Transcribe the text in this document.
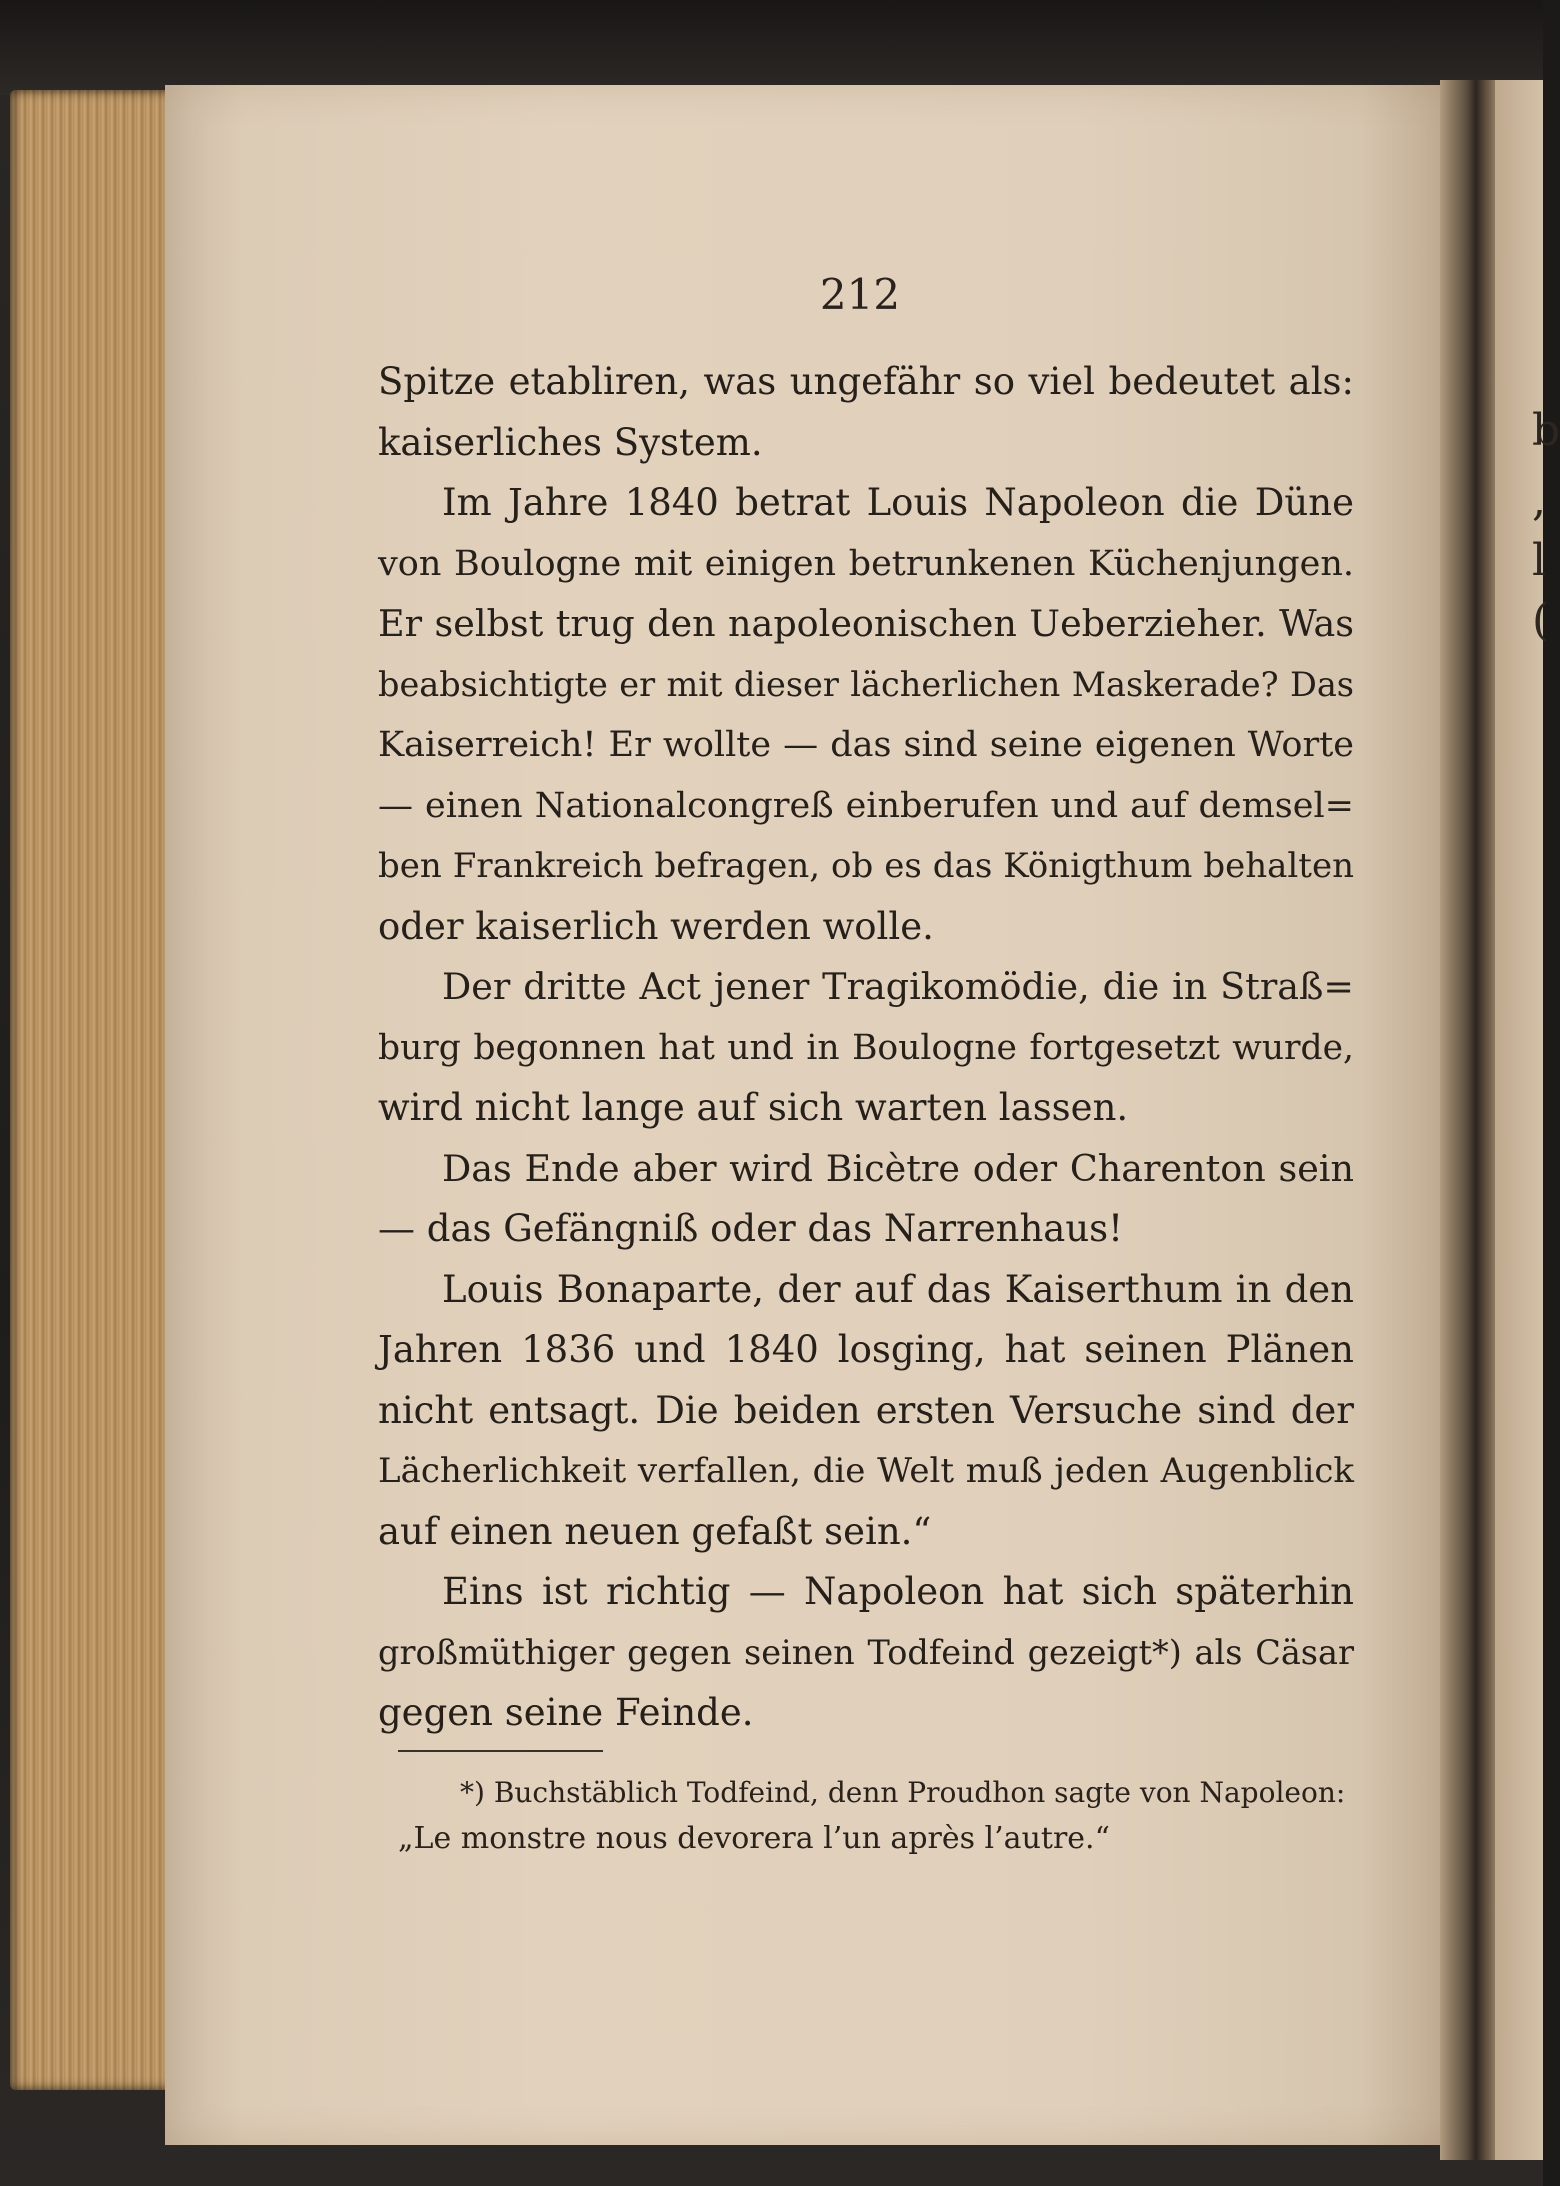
b
,
l
(
212
Spitze etabliren, was ungefähr so viel bedeutet als:
kaiserliches System.
Im Jahre 1840 betrat Louis Napoleon die Düne
von Boulogne mit einigen betrunkenen Küchenjungen.
Er selbst trug den napoleonischen Ueberzieher. Was
beabsichtigte er mit dieser lächerlichen Maskerade? Das
Kaiserreich! Er wollte — das sind seine eigenen Worte
— einen Nationalcongreß einberufen und auf demsel=
ben Frankreich befragen, ob es das Königthum behalten
oder kaiserlich werden wolle.
Der dritte Act jener Tragikomödie, die in Straß=
burg begonnen hat und in Boulogne fortgesetzt wurde,
wird nicht lange auf sich warten lassen.
Das Ende aber wird Bicètre oder Charenton sein
— das Gefängniß oder das Narrenhaus!
Louis Bonaparte, der auf das Kaiserthum in den
Jahren 1836 und 1840 losging, hat seinen Plänen
nicht entsagt. Die beiden ersten Versuche sind der
Lächerlichkeit verfallen, die Welt muß jeden Augenblick
auf einen neuen gefaßt sein.“
Eins ist richtig — Napoleon hat sich späterhin
großmüthiger gegen seinen Todfeind gezeigt*) als Cäsar
gegen seine Feinde.
*) Buchstäblich Todfeind, denn Proudhon sagte von Napoleon:
„Le monstre nous devorera l’un après l’autre.“
